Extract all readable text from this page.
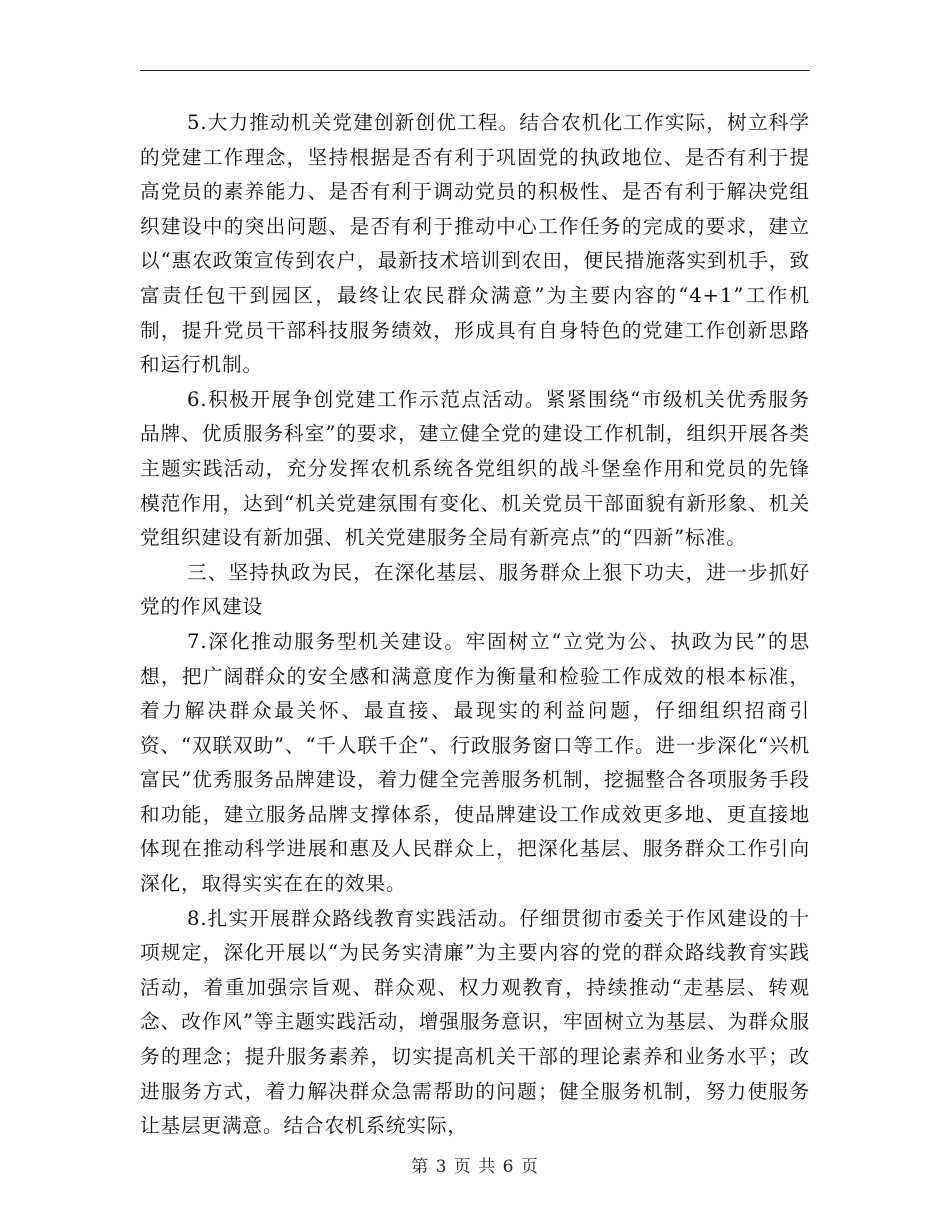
5.大力推动机关党建创新创优工程。结合农机化工作实际，树立科学的党建工作理念，坚持根据是否有利于巩固党的执政地位、是否有利于提高党员的素养能力、是否有利于调动党员的积极性、是否有利于解决党组织建设中的突出问题、是否有利于推动中心工作任务的完成的要求，建立以“惠农政策宣传到农户，最新技术培训到农田，便民措施落实到机手，致富责任包干到园区，最终让农民群众满意”为主要内容的“4+1”工作机制，提升党员干部科技服务绩效，形成具有自身特色的党建工作创新思路和运行机制。

6.积极开展争创党建工作示范点活动。紧紧围绕“市级机关优秀服务品牌、优质服务科室”的要求，建立健全党的建设工作机制，组织开展各类主题实践活动，充分发挥农机系统各党组织的战斗堡垒作用和党员的先锋模范作用，达到“机关党建氛围有变化、机关党员干部面貌有新形象、机关党组织建设有新加强、机关党建服务全局有新亮点”的“四新”标准。

三、坚持执政为民，在深化基层、服务群众上狠下功夫，进一步抓好党的作风建设

7.深化推动服务型机关建设。牢固树立“立党为公、执政为民”的思想，把广阔群众的安全感和满意度作为衡量和检验工作成效的根本标准，着力解决群众最关怀、最直接、最现实的利益问题，仔细组织招商引资、“双联双助”、“千人联千企”、行政服务窗口等工作。进一步深化“兴机富民”优秀服务品牌建设，着力健全完善服务机制，挖掘整合各项服务手段和功能，建立服务品牌支撑体系，使品牌建设工作成效更多地、更直接地体现在推动科学进展和惠及人民群众上，把深化基层、服务群众工作引向深化，取得实实在在的效果。

8.扎实开展群众路线教育实践活动。仔细贯彻市委关于作风建设的十项规定，深化开展以“为民务实清廉”为主要内容的党的群众路线教育实践活动，着重加强宗旨观、群众观、权力观教育，持续推动“走基层、转观念、改作风”等主题实践活动，增强服务意识，牢固树立为基层、为群众服务的理念；提升服务素养，切实提高机关干部的理论素养和业务水平；改进服务方式，着力解决群众急需帮助的问题；健全服务机制，努力使服务让基层更满意。结合农机系统实际，

第 3 页 共 6 页
